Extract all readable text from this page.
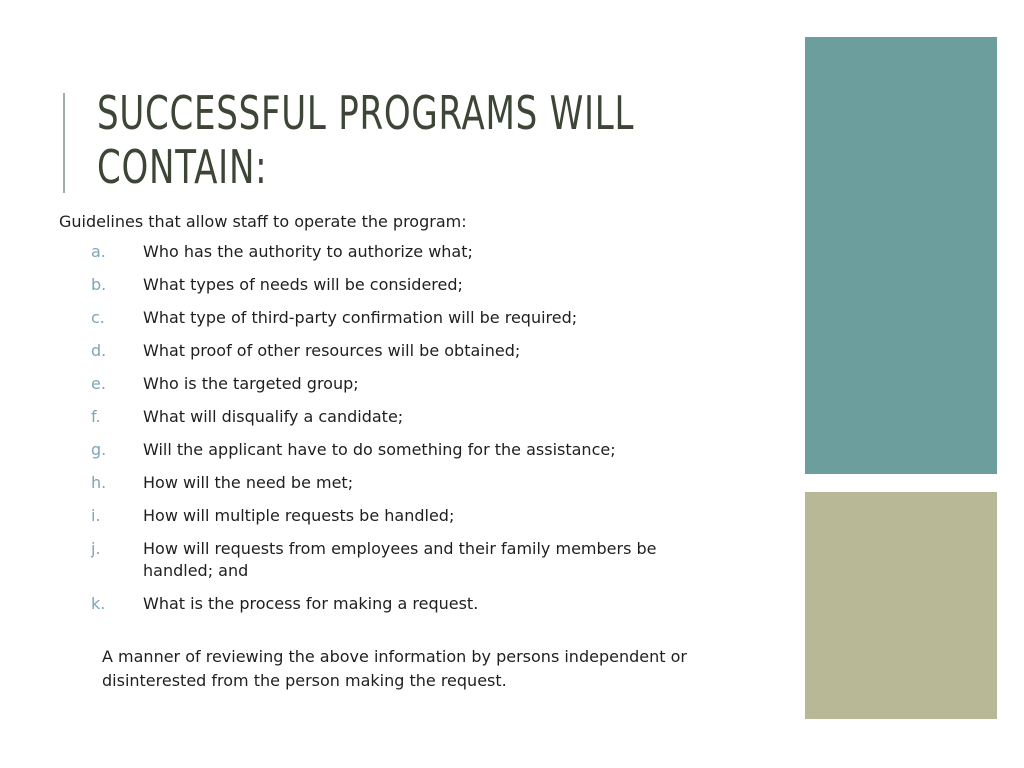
SUCCESSFUL PROGRAMS WILL
CONTAIN:
Guidelines that allow staff to operate the program:
a.	Who has the authority to authorize what;
b.	What types of needs will be considered;
c.	What type of third-party confirmation will be required;
d.	What proof of other resources will be obtained;
e.	Who is the targeted group;
f.	What will disqualify a candidate;
g.	Will the applicant have to do something for the assistance;
h.	How will the need be met;
i.	How will multiple requests be handled;
j.	How will requests from employees and their family members be handled; and
k.	What is the process for making a request.

A manner of reviewing the above information by persons independent or disinterested from the person making the request.
